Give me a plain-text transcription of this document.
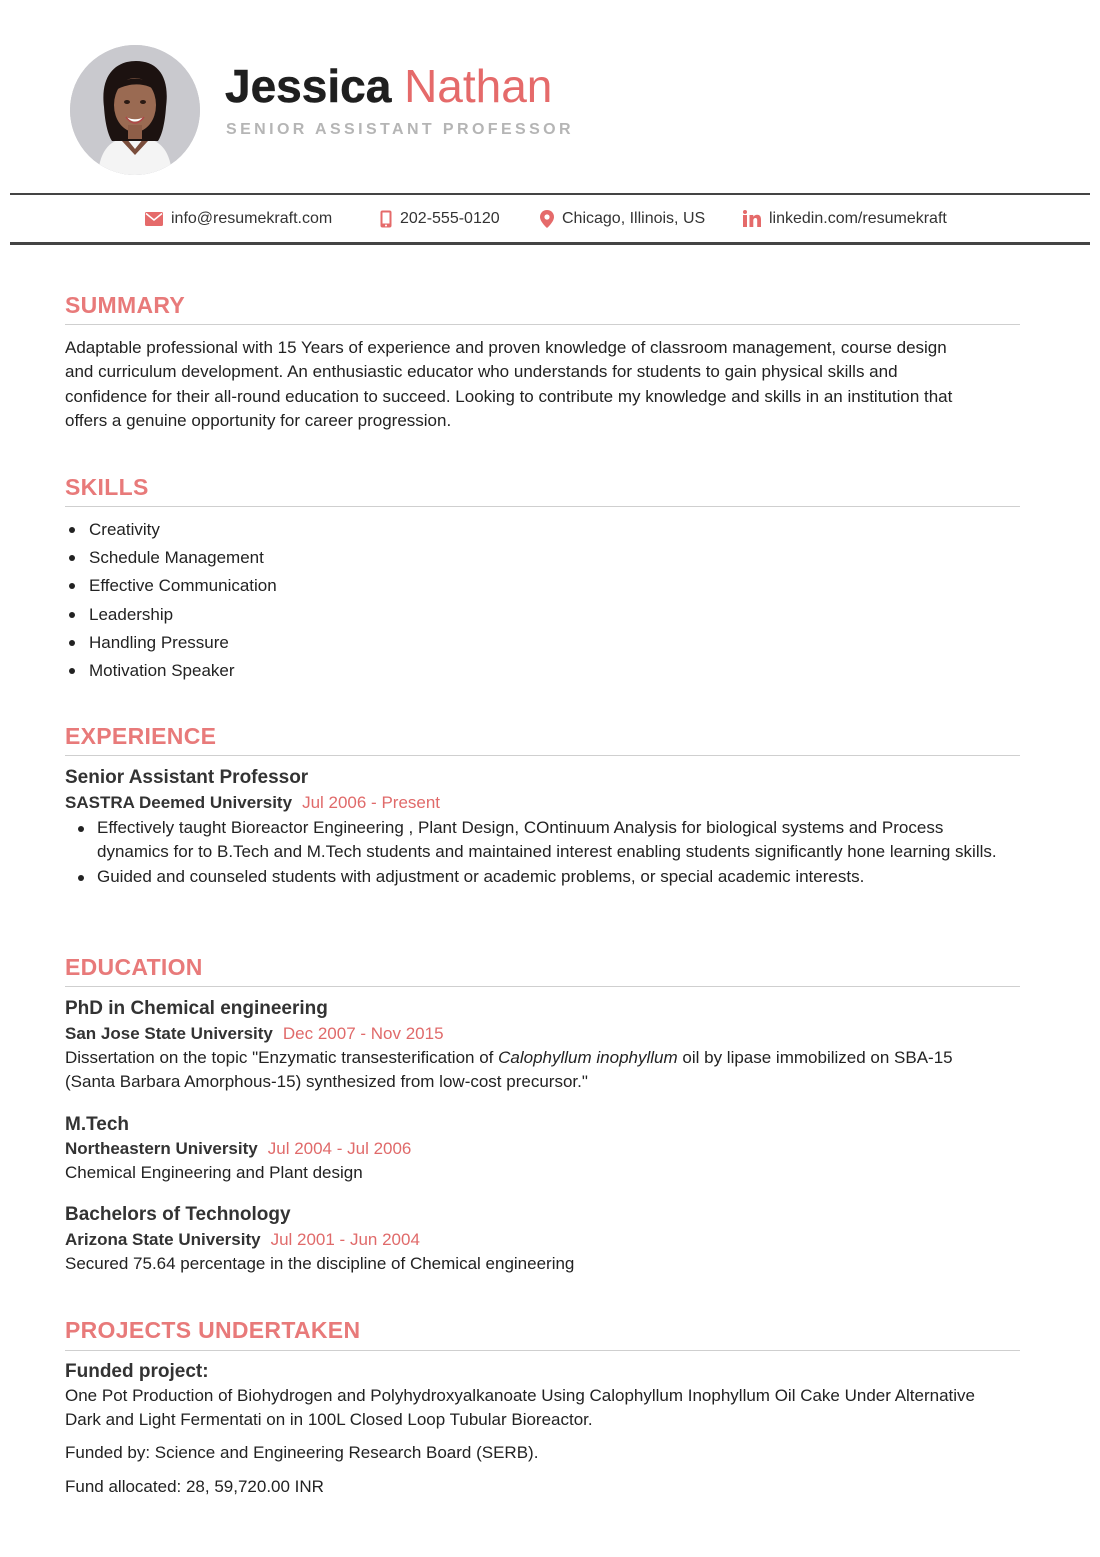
Jessica Nathan
SENIOR ASSISTANT PROFESSOR
info@resumekraft.com	202-555-0120	Chicago, Illinois, US	linkedin.com/resumekraft
SUMMARY
Adaptable professional with 15 Years of experience and proven knowledge of classroom management, course design
and curriculum development. An enthusiastic educator who understands for students to gain physical skills and
confidence for their all-round education to succeed. Looking to contribute my knowledge and skills in an institution that
offers a genuine opportunity for career progression.
SKILLS
Creativity
Schedule Management
Effective Communication
Leadership
Handling Pressure
Motivation Speaker
EXPERIENCE
Senior Assistant Professor
SASTRA Deemed University Jul 2006 - Present
Effectively taught Bioreactor Engineering , Plant Design, COntinuum Analysis for biological systems and Process dynamics for to B.Tech and M.Tech students and maintained interest enabling students significantly hone learning skills.
Guided and counseled students with adjustment or academic problems, or special academic interests.
EDUCATION
PhD in Chemical engineering
San Jose State University Dec 2007 - Nov 2015
Dissertation on the topic "Enzymatic transesterification of Calophyllum inophyllum oil by lipase immobilized on SBA-15
(Santa Barbara Amorphous-15) synthesized from low-cost precursor."
M.Tech
Northeastern University Jul 2004 - Jul 2006
Chemical Engineering and Plant design
Bachelors of Technology
Arizona State University Jul 2001 - Jun 2004
Secured 75.64 percentage in the discipline of Chemical engineering
PROJECTS UNDERTAKEN
Funded project:
One Pot Production of Biohydrogen and Polyhydroxyalkanoate Using Calophyllum Inophyllum Oil Cake Under Alternative
Dark and Light Fermentati on in 100L Closed Loop Tubular Bioreactor.
Funded by: Science and Engineering Research Board (SERB).
Fund allocated: 28, 59,720.00 INR
